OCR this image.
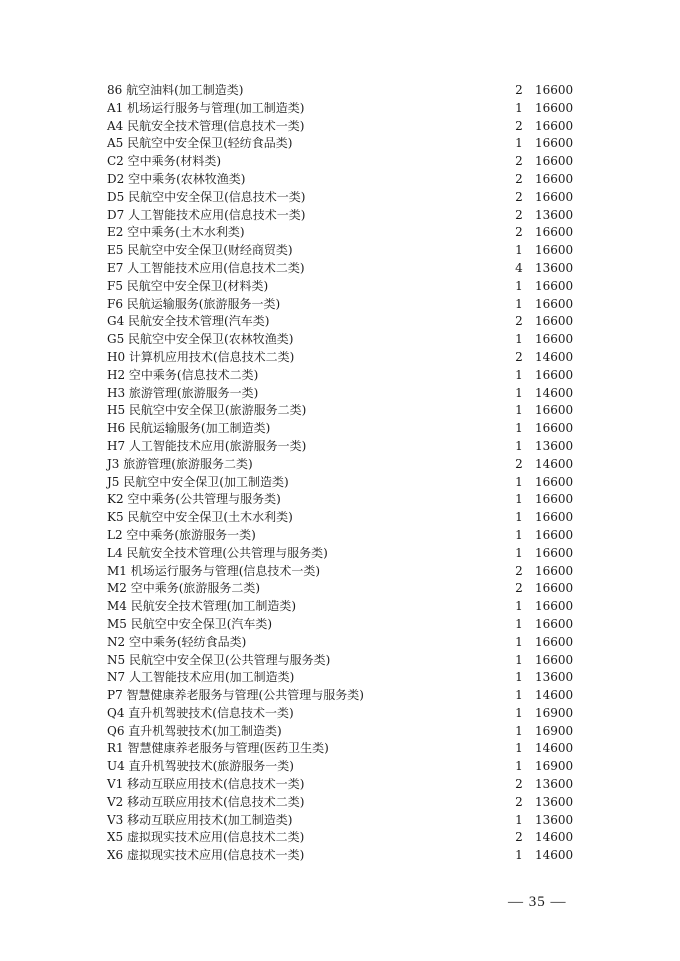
86 航空油料(加工制造类)	2 16600
A1 机场运行服务与管理(加工制造类)	1 16600
A4 民航安全技术管理(信息技术一类)	2 16600
A5 民航空中安全保卫(轻纺食品类)	1 16600
C2 空中乘务(材料类)	2 16600
D2 空中乘务(农林牧渔类)	2 16600
D5 民航空中安全保卫(信息技术一类)	2 16600
D7 人工智能技术应用(信息技术一类)	2 13600
E2 空中乘务(土木水利类)	2 16600
E5 民航空中安全保卫(财经商贸类)	1 16600
E7 人工智能技术应用(信息技术二类)	4 13600
F5 民航空中安全保卫(材料类)	1 16600
F6 民航运输服务(旅游服务一类)	1 16600
G4 民航安全技术管理(汽车类)	2 16600
G5 民航空中安全保卫(农林牧渔类)	1 16600
H0 计算机应用技术(信息技术二类)	2 14600
H2 空中乘务(信息技术二类)	1 16600
H3 旅游管理(旅游服务一类)	1 14600
H5 民航空中安全保卫(旅游服务二类)	1 16600
H6 民航运输服务(加工制造类)	1 16600
H7 人工智能技术应用(旅游服务一类)	1 13600
J3 旅游管理(旅游服务二类)	2 14600
J5 民航空中安全保卫(加工制造类)	1 16600
K2 空中乘务(公共管理与服务类)	1 16600
K5 民航空中安全保卫(土木水利类)	1 16600
L2 空中乘务(旅游服务一类)	1 16600
L4 民航安全技术管理(公共管理与服务类)	1 16600
M1 机场运行服务与管理(信息技术一类)	2 16600
M2 空中乘务(旅游服务二类)	2 16600
M4 民航安全技术管理(加工制造类)	1 16600
M5 民航空中安全保卫(汽车类)	1 16600
N2 空中乘务(轻纺食品类)	1 16600
N5 民航空中安全保卫(公共管理与服务类)	1 16600
N7 人工智能技术应用(加工制造类)	1 13600
P7 智慧健康养老服务与管理(公共管理与服务类)	1 14600
Q4 直升机驾驶技术(信息技术一类)	1 16900
Q6 直升机驾驶技术(加工制造类)	1 16900
R1 智慧健康养老服务与管理(医药卫生类)	1 14600
U4 直升机驾驶技术(旅游服务一类)	1 16900
V1 移动互联应用技术(信息技术一类)	2 13600
V2 移动互联应用技术(信息技术二类)	2 13600
V3 移动互联应用技术(加工制造类)	1 13600
X5 虚拟现实技术应用(信息技术二类)	2 14600
X6 虚拟现实技术应用(信息技术一类)	1 14600
— 35 —
